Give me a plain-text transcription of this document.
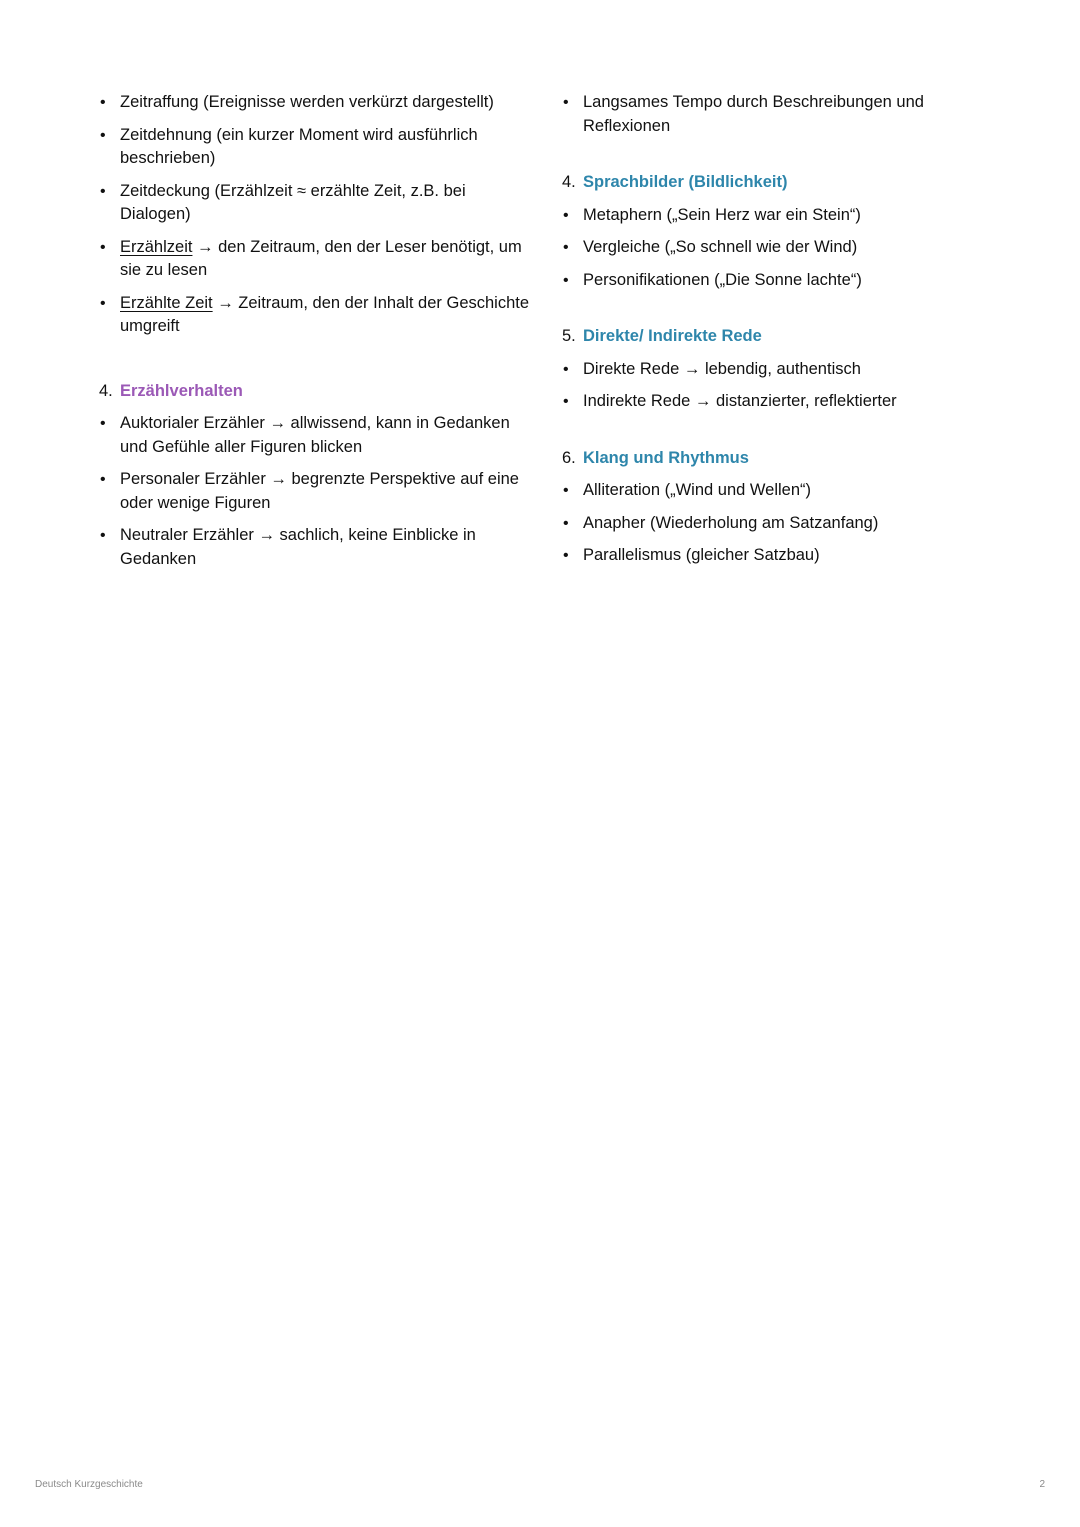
• Zeitraffung (Ereignisse werden verkürzt dargestellt)
• Zeitdehnung (ein kurzer Moment wird ausführlich beschrieben)
• Zeitdeckung (Erzählzeit ≈ erzählte Zeit, z.B. bei Dialogen)
• Erzählzeit → den Zeitraum, den der Leser benötigt, um sie zu lesen
• Erzählte Zeit → Zeitraum, den der Inhalt der Geschichte umgreift
4. Erzählverhalten
• Auktorialer Erzähler → allwissend, kann in Gedanken und Gefühle aller Figuren blicken
• Personaler Erzähler → begrenzte Perspektive auf eine oder wenige Figuren
• Neutraler Erzähler → sachlich, keine Einblicke in Gedanken
• Langsames Tempo durch Beschreibungen und Reflexionen
4. Sprachbilder (Bildlichkeit)
• Metaphern („Sein Herz war ein Stein“)
• Vergleiche („So schnell wie der Wind)
• Personifikationen („Die Sonne lachte“)
5. Direkte/ Indirekte Rede
• Direkte Rede → lebendig, authentisch
• Indirekte Rede → distanzierter, reflektierter
6. Klang und Rhythmus
• Alliteration („Wind und Wellen“)
• Anapher (Wiederholung am Satzanfang)
• Parallelismus (gleicher Satzbau)
Deutsch Kurzgeschichte	2
